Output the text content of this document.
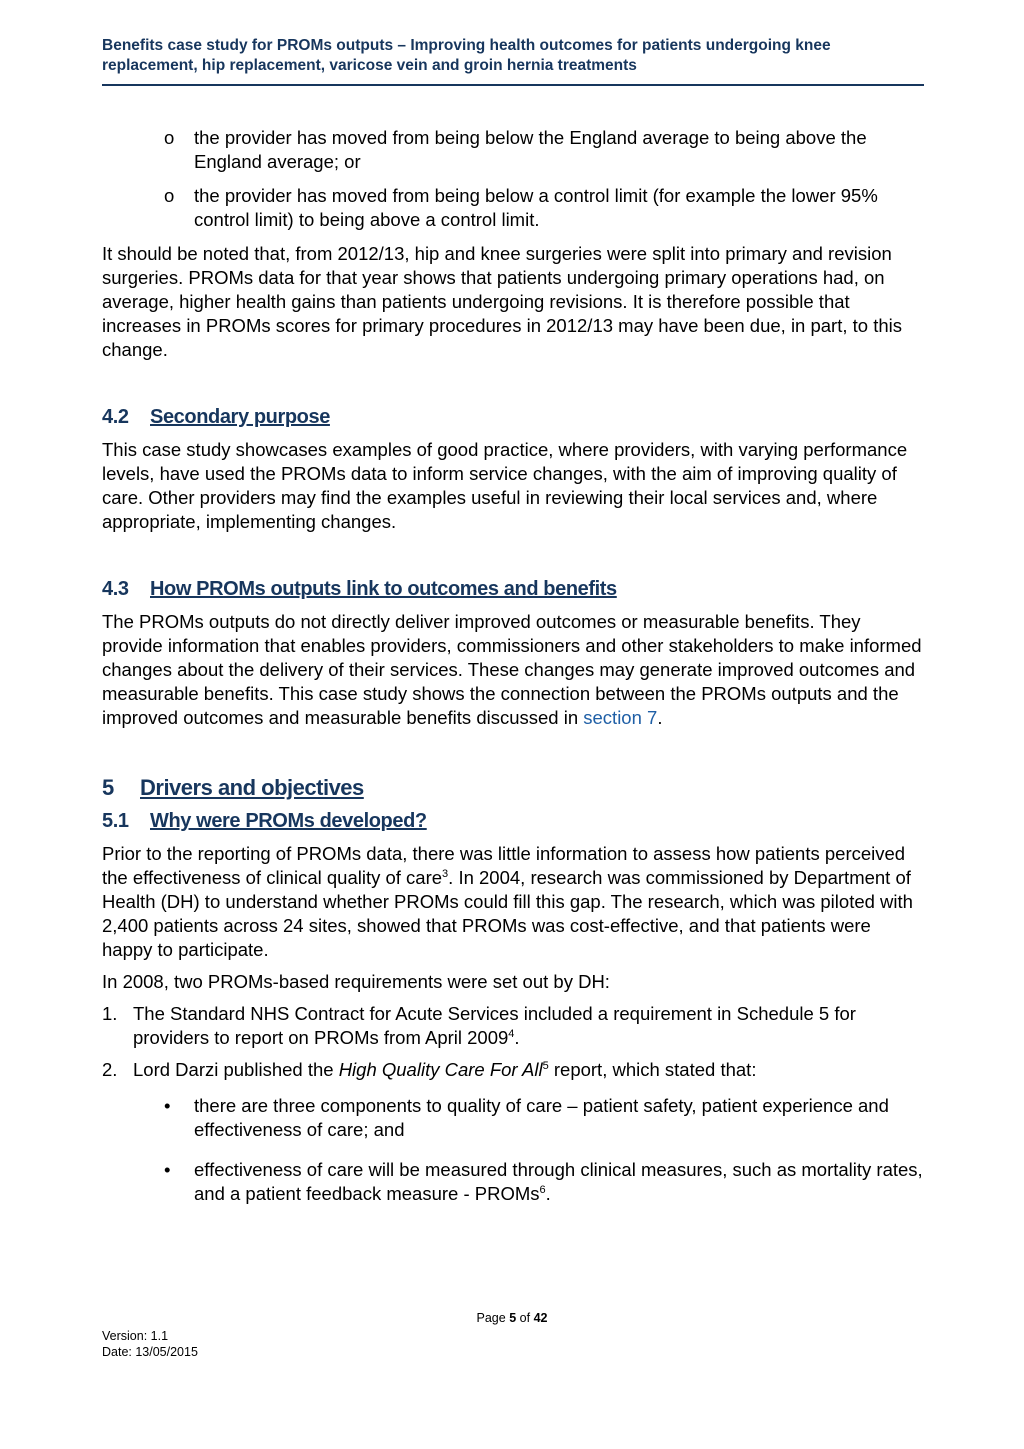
Benefits case study for PROMs outputs – Improving health outcomes for patients undergoing knee replacement, hip replacement, varicose vein and groin hernia treatments

o the provider has moved from being below the England average to being above the England average; or
o the provider has moved from being below a control limit (for example the lower 95% control limit) to being above a control limit.

It should be noted that, from 2012/13, hip and knee surgeries were split into primary and revision surgeries. PROMs data for that year shows that patients undergoing primary operations had, on average, higher health gains than patients undergoing revisions. It is therefore possible that increases in PROMs scores for primary procedures in 2012/13 may have been due, in part, to this change.

4.2 Secondary purpose

This case study showcases examples of good practice, where providers, with varying performance levels, have used the PROMs data to inform service changes, with the aim of improving quality of care. Other providers may find the examples useful in reviewing their local services and, where appropriate, implementing changes.

4.3 How PROMs outputs link to outcomes and benefits

The PROMs outputs do not directly deliver improved outcomes or measurable benefits. They provide information that enables providers, commissioners and other stakeholders to make informed changes about the delivery of their services. These changes may generate improved outcomes and measurable benefits. This case study shows the connection between the PROMs outputs and the improved outcomes and measurable benefits discussed in section 7.

5 Drivers and objectives
5.1 Why were PROMs developed?

Prior to the reporting of PROMs data, there was little information to assess how patients perceived the effectiveness of clinical quality of care$^3$. In 2004, research was commissioned by Department of Health (DH) to understand whether PROMs could fill this gap. The research, which was piloted with 2,400 patients across 24 sites, showed that PROMs was cost-effective, and that patients were happy to participate.

In 2008, two PROMs-based requirements were set out by DH:

1. The Standard NHS Contract for Acute Services included a requirement in Schedule 5 for providers to report on PROMs from April 2009$^4$.
2. Lord Darzi published the High Quality Care For All$^5$ report, which stated that:
• there are three components to quality of care – patient safety, patient experience and effectiveness of care; and
• effectiveness of care will be measured through clinical measures, such as mortality rates, and a patient feedback measure - PROMs$^6$.
Page 5 of 42
Version: 1.1
Date: 13/05/2015
